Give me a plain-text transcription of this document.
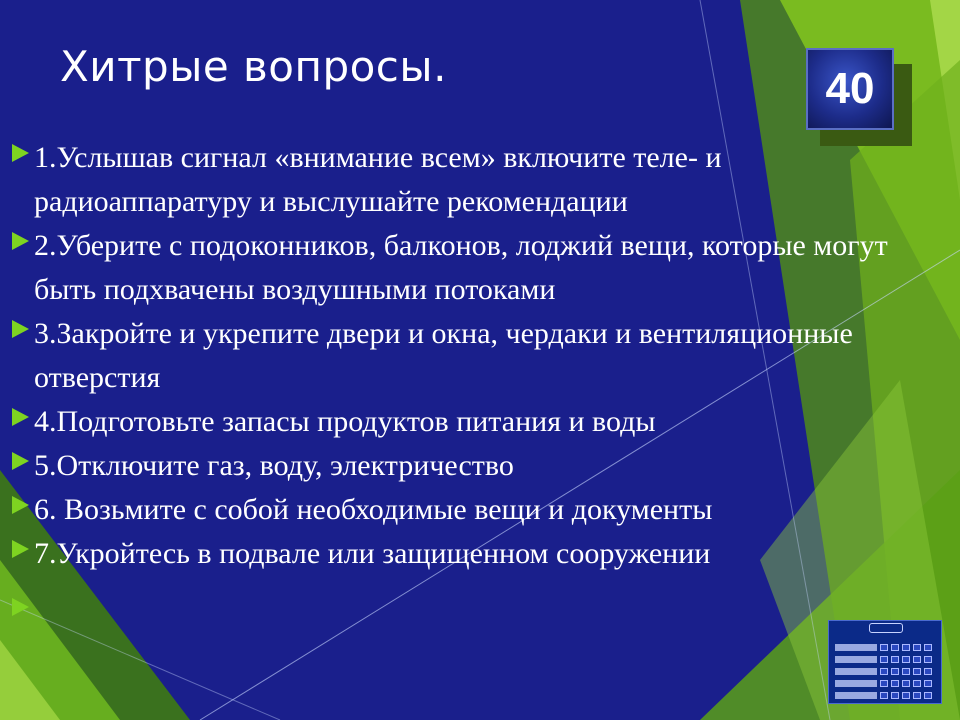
Хитрые вопросы.	40
1.Услышав сигнал «внимание всем» включите теле- и радиоаппаратуру и выслушайте рекомендации
2.Уберите с подоконников, балконов, лоджий вещи, которые могут быть подхвачены воздушными потоками
3.Закройте и укрепите двери и окна, чердаки и вентиляционные отверстия
4.Подготовьте запасы продуктов питания и воды
5.Отключите газ, воду, электричество
6. Возьмите с собой необходимые вещи и документы
7.Укройтесь в подвале или защищенном сооружении
